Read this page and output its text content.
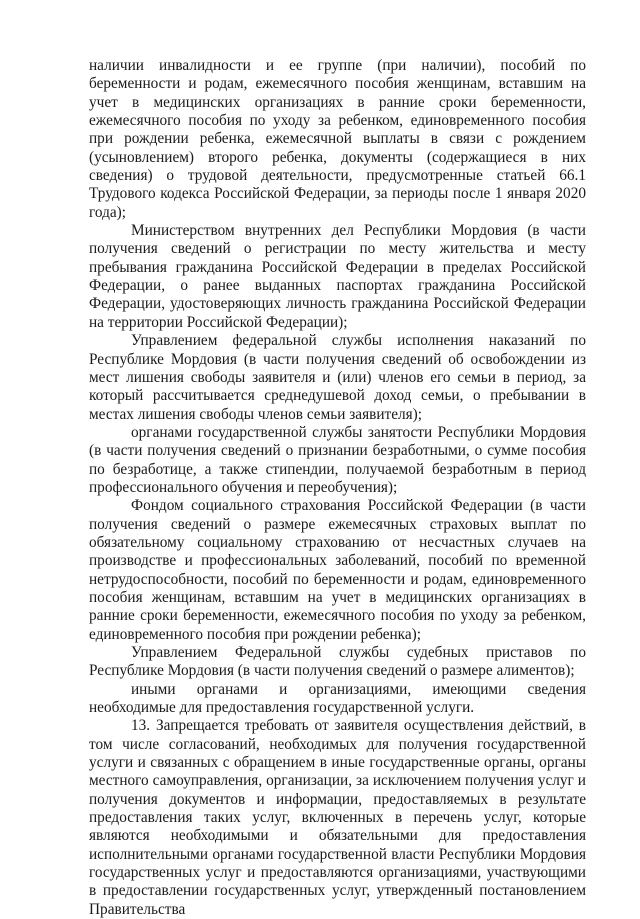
наличии инвалидности и ее группе (при наличии), пособий по беременности и родам, ежемесячного пособия женщинам, вставшим на учет в медицинских организациях в ранние сроки беременности, ежемесячного пособия по уходу за ребенком, единовременного пособия при рождении ребенка, ежемесячной выплаты в связи с рождением (усыновлением) второго ребенка, документы (содержащиеся в них сведения) о трудовой деятельности, предусмотренные статьей 66.1 Трудового кодекса Российской Федерации, за периоды после 1 января 2020 года);

Министерством внутренних дел Республики Мордовия (в части получения сведений о регистрации по месту жительства и месту пребывания гражданина Российской Федерации в пределах Российской Федерации, о ранее выданных паспортах гражданина Российской Федерации, удостоверяющих личность гражданина Российской Федерации на территории Российской Федерации);

Управлением федеральной службы исполнения наказаний по Республике Мордовия (в части получения сведений об освобождении из мест лишения свободы заявителя и (или) членов его семьи в период, за который рассчитывается среднедушевой доход семьи, о пребывании в местах лишения свободы членов семьи заявителя);

органами государственной службы занятости Республики Мордовия (в части получения сведений о признании безработными, о сумме пособия по безработице, а также стипендии, получаемой безработным в период профессионального обучения и переобучения);

Фондом социального страхования Российской Федерации (в части получения сведений о размере ежемесячных страховых выплат по обязательному социальному страхованию от несчастных случаев на производстве и профессиональных заболеваний, пособий по временной нетрудоспособности, пособий по беременности и родам, единовременного пособия женщинам, вставшим на учет в медицинских организациях в ранние сроки беременности, ежемесячного пособия по уходу за ребенком, единовременного пособия при рождении ребенка);

Управлением Федеральной службы судебных приставов по Республике Мордовия (в части получения сведений о размере алиментов);

иными органами и организациями, имеющими сведения необходимые для предоставления государственной услуги.

13. Запрещается требовать от заявителя осуществления действий, в том числе согласований, необходимых для получения государственной услуги и связанных с обращением в иные государственные органы, органы местного самоуправления, организации, за исключением получения услуг и получения документов и информации, предоставляемых в результате предоставления таких услуг, включенных в перечень услуг, которые являются необходимыми и обязательными для предоставления исполнительными органами государственной власти Республики Мордовия государственных услуг и предоставляются организациями, участвующими в предоставлении государственных услуг, утвержденный постановлением Правительства
